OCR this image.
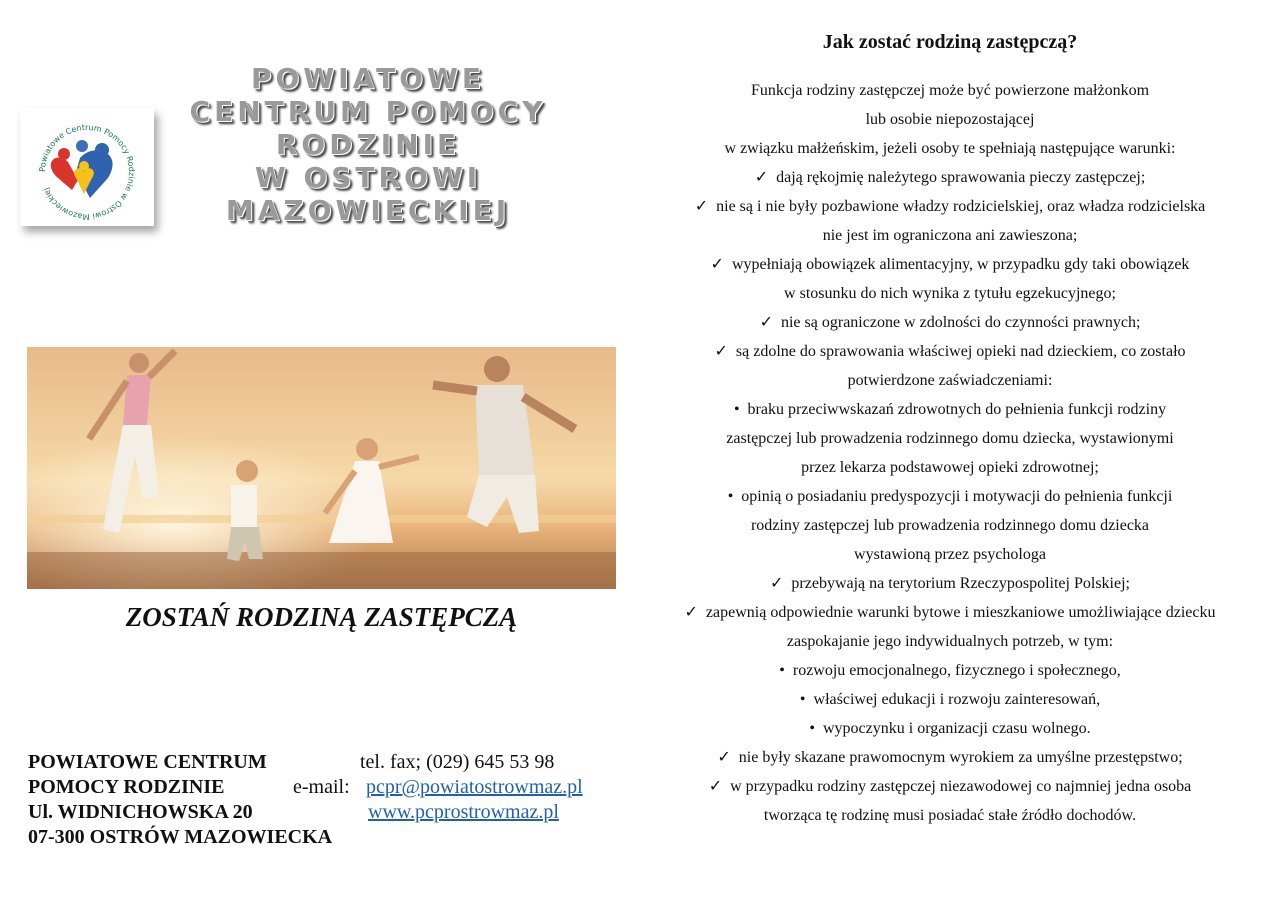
Powiatowe Centrum Pomocy Rodzinie w Ostrowi Mazowieckiej
POWIATOWE
CENTRUM POMOCY
RODZINIE
W OSTROWI
MAZOWIECKIEJ
ZOSTAŃ RODZINĄ ZASTĘPCZĄ
POWIATOWE CENTRUM	tel. fax; (029) 645 53 98
POMOCY RODZINIE	e-mail: pcpr@powiatostrowmaz.pl
Ul. WIDNICHOWSKA 20	www.pcprostrowmaz.pl
07-300 OSTRÓW MAZOWIECKA
Jak zostać rodziną zastępczą?
Funkcja rodziny zastępczej może być powierzone małżonkom
lub osobie niepozostającej
w związku małżeńskim, jeżeli osoby te spełniają następujące warunki:
✓ dają rękojmię należytego sprawowania pieczy zastępczej;
✓ nie są i nie były pozbawione władzy rodzicielskiej, oraz władza rodzicielska
nie jest im ograniczona ani zawieszona;
✓ wypełniają obowiązek alimentacyjny, w przypadku gdy taki obowiązek
w stosunku do nich wynika z tytułu egzekucyjnego;
✓ nie są ograniczone w zdolności do czynności prawnych;
✓ są zdolne do sprawowania właściwej opieki nad dzieckiem, co zostało
potwierdzone zaświadczeniami:
• braku przeciwwskazań zdrowotnych do pełnienia funkcji rodziny
zastępczej lub prowadzenia rodzinnego domu dziecka, wystawionymi
przez lekarza podstawowej opieki zdrowotnej;
• opinią o posiadaniu predyspozycji i motywacji do pełnienia funkcji
rodziny zastępczej lub prowadzenia rodzinnego domu dziecka
wystawioną przez psychologa
✓ przebywają na terytorium Rzeczypospolitej Polskiej;
✓ zapewnią odpowiednie warunki bytowe i mieszkaniowe umożliwiające dziecku
zaspokajanie jego indywidualnych potrzeb, w tym:
• rozwoju emocjonalnego, fizycznego i społecznego,
• właściwej edukacji i rozwoju zainteresowań,
• wypoczynku i organizacji czasu wolnego.
✓ nie były skazane prawomocnym wyrokiem za umyślne przestępstwo;
✓ w przypadku rodziny zastępczej niezawodowej co najmniej jedna osoba
tworząca tę rodzinę musi posiadać stałe źródło dochodów.
